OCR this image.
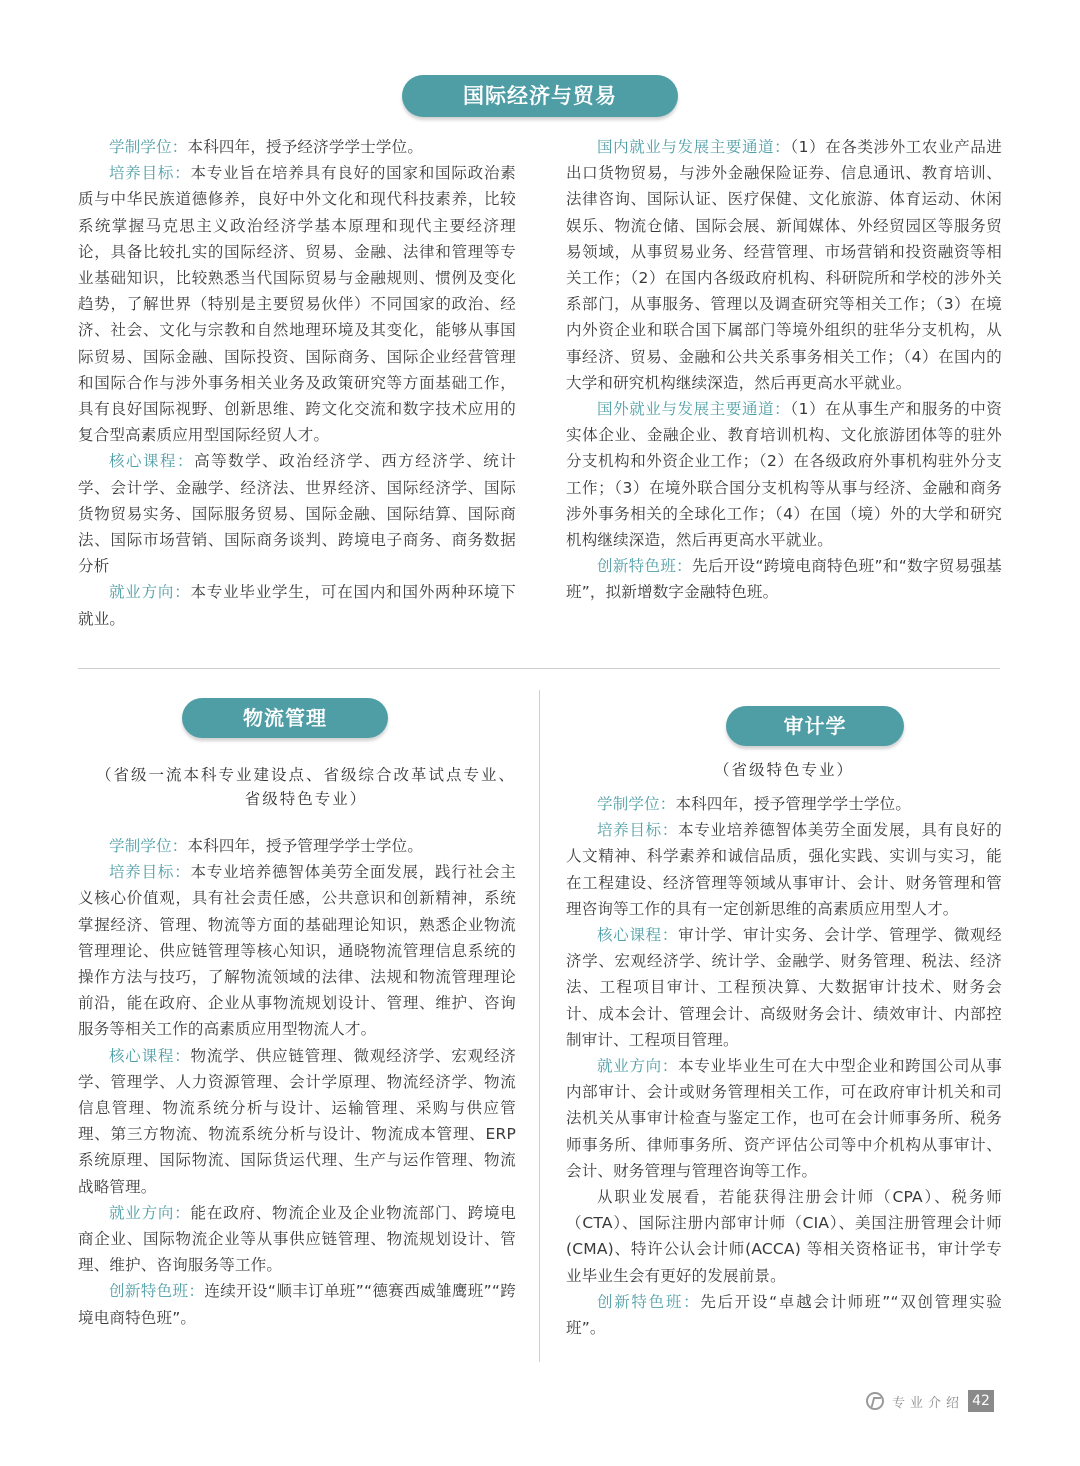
国际经济与贸易

学制学位：本科四年，授予经济学学士学位。

培养目标：本专业旨在培养具有良好的国家和国际政治素质与中华民族道德修养，良好中外文化和现代科技素养，比较系统掌握马克思主义政治经济学基本原理和现代主要经济理论，具备比较扎实的国际经济、贸易、金融、法律和管理等专业基础知识，比较熟悉当代国际贸易与金融规则、惯例及变化趋势，了解世界（特别是主要贸易伙伴）不同国家的政治、经济、社会、文化与宗教和自然地理环境及其变化，能够从事国际贸易、国际金融、国际投资、国际商务、国际企业经营管理和国际合作与涉外事务相关业务及政策研究等方面基础工作，具有良好国际视野、创新思维、跨文化交流和数字技术应用的复合型高素质应用型国际经贸人才。

核心课程：高等数学、政治经济学、西方经济学、统计学、会计学、金融学、经济法、世界经济、国际经济学、国际货物贸易实务、国际服务贸易、国际金融、国际结算、国际商法、国际市场营销、国际商务谈判、跨境电子商务、商务数据分析

就业方向：本专业毕业学生，可在国内和国外两种环境下就业。

国内就业与发展主要通道：（1）在各类涉外工农业产品进出口货物贸易，与涉外金融保险证券、信息通讯、教育培训、法律咨询、国际认证、医疗保健、文化旅游、体育运动、休闲娱乐、物流仓储、国际会展、新闻媒体、外经贸园区等服务贸易领域，从事贸易业务、经营管理、市场营销和投资融资等相关工作；（2）在国内各级政府机构、科研院所和学校的涉外关系部门，从事服务、管理以及调查研究等相关工作；（3）在境内外资企业和联合国下属部门等境外组织的驻华分支机构，从事经济、贸易、金融和公共关系事务相关工作；（4）在国内的大学和研究机构继续深造，然后再更高水平就业。

国外就业与发展主要通道：（1）在从事生产和服务的中资实体企业、金融企业、教育培训机构、文化旅游团体等的驻外分支机构和外资企业工作；（2）在各级政府外事机构驻外分支工作；（3）在境外联合国分支机构等从事与经济、金融和商务涉外事务相关的全球化工作；（4）在国（境）外的大学和研究机构继续深造，然后再更高水平就业。

创新特色班：先后开设“跨境电商特色班”和“数字贸易强基班”，拟新增数字金融特色班。

物流管理
（省级一流本科专业建设点、省级综合改革试点专业、省级特色专业）

学制学位：本科四年，授予管理学学士学位。

培养目标：本专业培养德智体美劳全面发展，践行社会主义核心价值观，具有社会责任感，公共意识和创新精神，系统掌握经济、管理、物流等方面的基础理论知识，熟悉企业物流管理理论、供应链管理等核心知识，通晓物流管理信息系统的操作方法与技巧，了解物流领域的法律、法规和物流管理理论前沿，能在政府、企业从事物流规划设计、管理、维护、咨询服务等相关工作的高素质应用型物流人才。

核心课程：物流学、供应链管理、微观经济学、宏观经济学、管理学、人力资源管理、会计学原理、物流经济学、物流信息管理、物流系统分析与设计、运输管理、采购与供应管理、第三方物流、物流系统分析与设计、物流成本管理、ERP 系统原理、国际物流、国际货运代理、生产与运作管理、物流战略管理。

就业方向：能在政府、物流企业及企业物流部门、跨境电商企业、国际物流企业等从事供应链管理、物流规划设计、管理、维护、咨询服务等工作。

创新特色班：连续开设“顺丰订单班”“德赛西威雏鹰班”“跨境电商特色班”。

审计学
（省级特色专业）

学制学位：本科四年，授予管理学学士学位。

培养目标：本专业培养德智体美劳全面发展，具有良好的人文精神、科学素养和诚信品质，强化实践、实训与实习，能在工程建设、经济管理等领域从事审计、会计、财务管理和管理咨询等工作的具有一定创新思维的高素质应用型人才。

核心课程：审计学、审计实务、会计学、管理学、微观经济学、宏观经济学、统计学、金融学、财务管理、税法、经济法、工程项目审计、工程预决算、大数据审计技术、财务会计、成本会计、管理会计、高级财务会计、绩效审计、内部控制审计、工程项目管理。

就业方向：本专业毕业生可在大中型企业和跨国公司从事内部审计、会计或财务管理相关工作，可在政府审计机关和司法机关从事审计检查与鉴定工作，也可在会计师事务所、税务师事务所、律师事务所、资产评估公司等中介机构从事审计、会计、财务管理与管理咨询等工作。

从职业发展看，若能获得注册会计师（CPA）、税务师（CTA）、国际注册内部审计师（CIA）、美国注册管理会计师(CMA)、特许公认会计师(ACCA) 等相关资格证书，审计学专业毕业生会有更好的发展前景。

创新特色班：先后开设“卓越会计师班”“双创管理实验班”。

专业介绍 42
